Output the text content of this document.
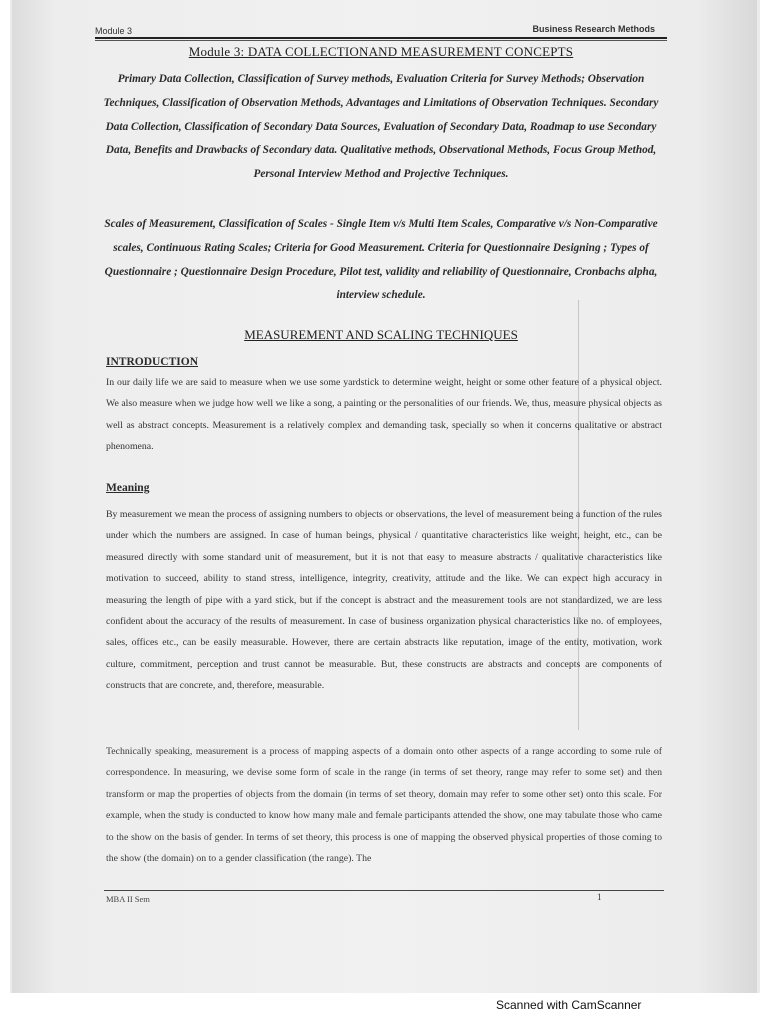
Module 3	Business Research Methods
Module 3: DATA COLLECTIONAND MEASUREMENT CONCEPTS
Primary Data Collection, Classification of Survey methods, Evaluation Criteria for Survey Methods; Observation Techniques, Classification of Observation Methods, Advantages and Limitations of Observation Techniques. Secondary Data Collection, Classification of Secondary Data Sources, Evaluation of Secondary Data, Roadmap to use Secondary Data, Benefits and Drawbacks of Secondary data. Qualitative methods, Observational Methods, Focus Group Method, Personal Interview Method and Projective Techniques.
Scales of Measurement, Classification of Scales - Single Item v/s Multi Item Scales, Comparative v/s Non-Comparative scales, Continuous Rating Scales; Criteria for Good Measurement. Criteria for Questionnaire Designing ; Types of Questionnaire ; Questionnaire Design Procedure, Pilot test, validity and reliability of Questionnaire, Cronbachs alpha, interview schedule.
MEASUREMENT AND SCALING TECHNIQUES
INTRODUCTION
In our daily life we are said to measure when we use some yardstick to determine weight, height or some other feature of a physical object. We also measure when we judge how well we like a song, a painting or the personalities of our friends. We, thus, measure physical objects as well as abstract concepts. Measurement is a relatively complex and demanding task, specially so when it concerns qualitative or abstract phenomena.
Meaning
By measurement we mean the process of assigning numbers to objects or observations, the level of measurement being a function of the rules under which the numbers are assigned. In case of human beings, physical / quantitative characteristics like weight, height, etc., can be measured directly with some standard unit of measurement, but it is not that easy to measure abstracts / qualitative characteristics like motivation to succeed, ability to stand stress, intelligence, integrity, creativity, attitude and the like. We can expect high accuracy in measuring the length of pipe with a yard stick, but if the concept is abstract and the measurement tools are not standardized, we are less confident about the accuracy of the results of measurement. In case of business organization physical characteristics like no. of employees, sales, offices etc., can be easily measurable. However, there are certain abstracts like reputation, image of the entity, motivation, work culture, commitment, perception and trust cannot be measurable. But, these constructs are abstracts and concepts are components of constructs that are concrete, and, therefore, measurable.
Technically speaking, measurement is a process of mapping aspects of a domain onto other aspects of a range according to some rule of correspondence. In measuring, we devise some form of scale in the range (in terms of set theory, range may refer to some set) and then transform or map the properties of objects from the domain (in terms of set theory, domain may refer to some other set) onto this scale. For example, when the study is conducted to know how many male and female participants attended the show, one may tabulate those who came to the show on the basis of gender. In terms of set theory, this process is one of mapping the observed physical properties of those coming to the show (the domain) on to a gender classification (the range). The
MBA II Sem	1
Scanned with CamScanner
